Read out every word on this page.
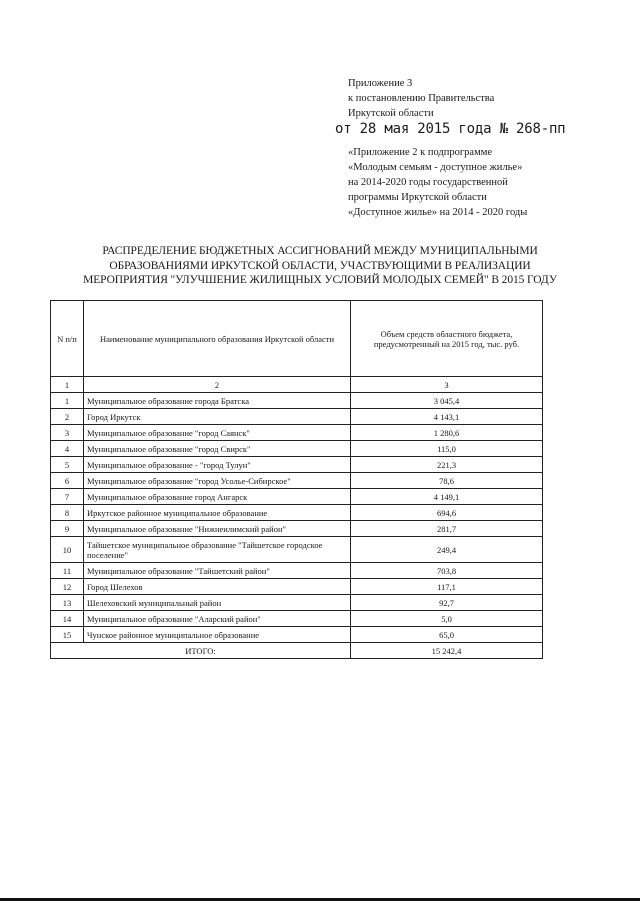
Приложение 3
к постановлению Правительства
Иркутской области
от 28 мая 2015 года № 268-пп
«Приложение 2 к подпрограмме
«Молодым семьям - доступное жилье»
на 2014-2020 годы государственной
программы Иркутской области
«Доступное жилье» на 2014 - 2020 годы
РАСПРЕДЕЛЕНИЕ БЮДЖЕТНЫХ АССИГНОВАНИЙ МЕЖДУ МУНИЦИПАЛЬНЫМИ
ОБРАЗОВАНИЯМИ ИРКУТСКОЙ ОБЛАСТИ, УЧАСТВУЮЩИМИ В РЕАЛИЗАЦИИ
МЕРОПРИЯТИЯ "УЛУЧШЕНИЕ ЖИЛИЩНЫХ УСЛОВИЙ МОЛОДЫХ СЕМЕЙ" В 2015 ГОДУ
N п/п	Наименование муниципального образования Иркутской области	Объем средств областного бюджета, предусмотренный на 2015 год, тыс. руб.
1	2	3
1	Муниципальное образование города Братска	3 045,4
2	Город Иркутск	4 143,1
3	Муниципальное образование "город Саянск"	1 280,6
4	Муниципальное образование "город Свирск"	115,0
5	Муниципальное образование - "город Тулун"	221,3
6	Муниципальное образование "город Усолье-Сибирское"	78,6
7	Муниципальное образование город Ангарск	4 149,1
8	Иркутское районное муниципальное образование	694,6
9	Муниципальное образование "Нижнеилимский район"	281,7
10	Тайшетское муниципальное образование "Тайшетское городское поселение"	249,4
11	Муниципальное образование "Тайшетский район"	703,8
12	Город Шелехов	117,1
13	Шелеховский муниципальный район	92,7
14	Муниципальное образование "Аларский район"	5,0
15	Чунское районное муниципальное образование	65,0
ИТОГО:		15 242,4
